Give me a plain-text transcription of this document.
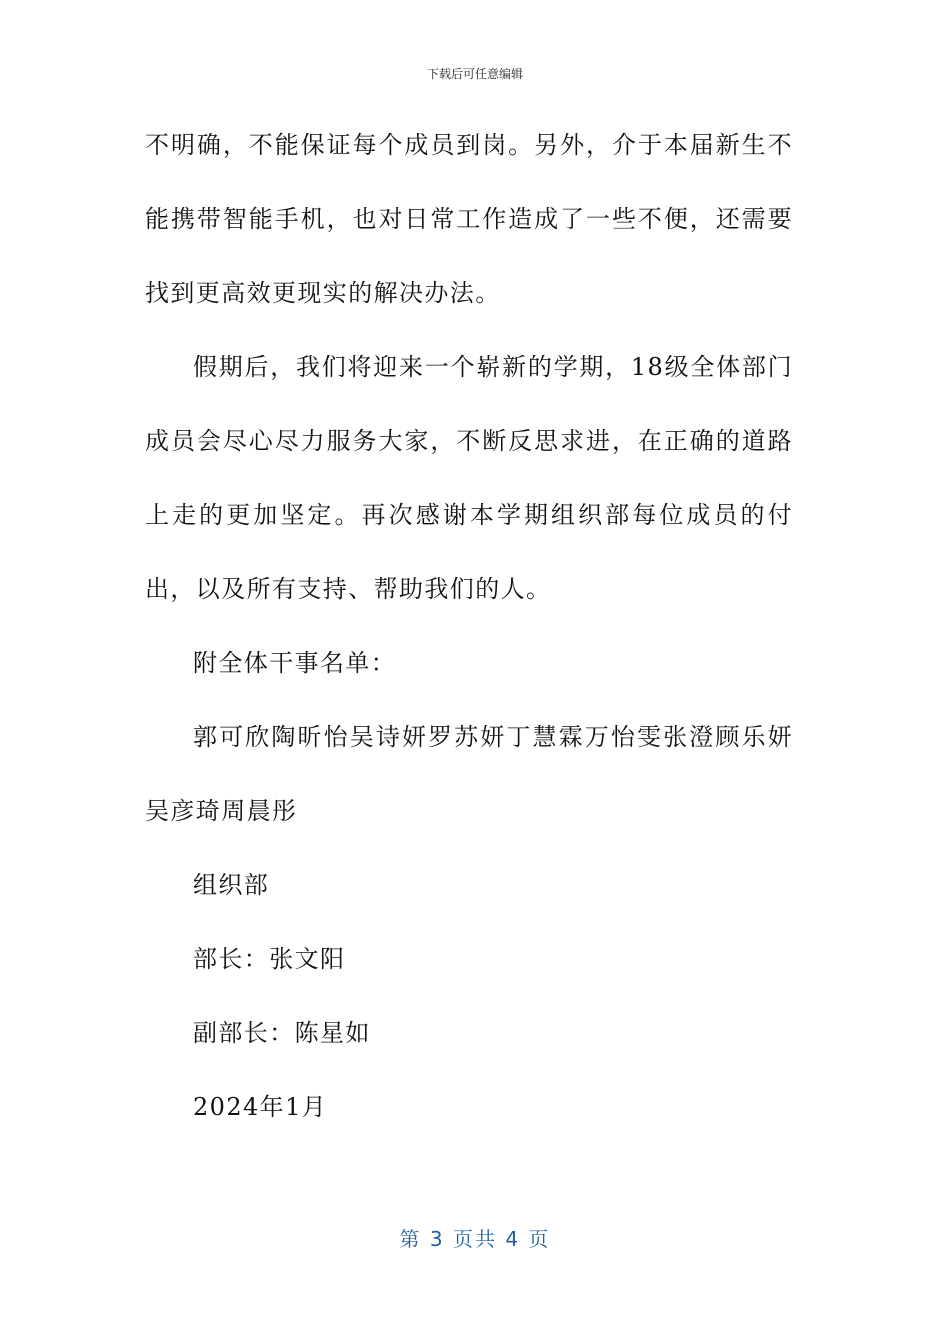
下载后可任意编辑

不明确，不能保证每个成员到岗。另外，介于本届新生不能携带智能手机，也对日常工作造成了一些不便，还需要找到更高效更现实的解决办法。

假期后，我们将迎来一个崭新的学期，18级全体部门成员会尽心尽力服务大家，不断反思求进，在正确的道路上走的更加坚定。再次感谢本学期组织部每位成员的付出，以及所有支持、帮助我们的人。

附全体干事名单：

郭可欣陶昕怡吴诗妍罗苏妍丁慧霖万怡雯张澄顾乐妍吴彦琦周晨彤

组织部

部长：张文阳

副部长：陈星如

2024年1月

第 3 页共 4 页
